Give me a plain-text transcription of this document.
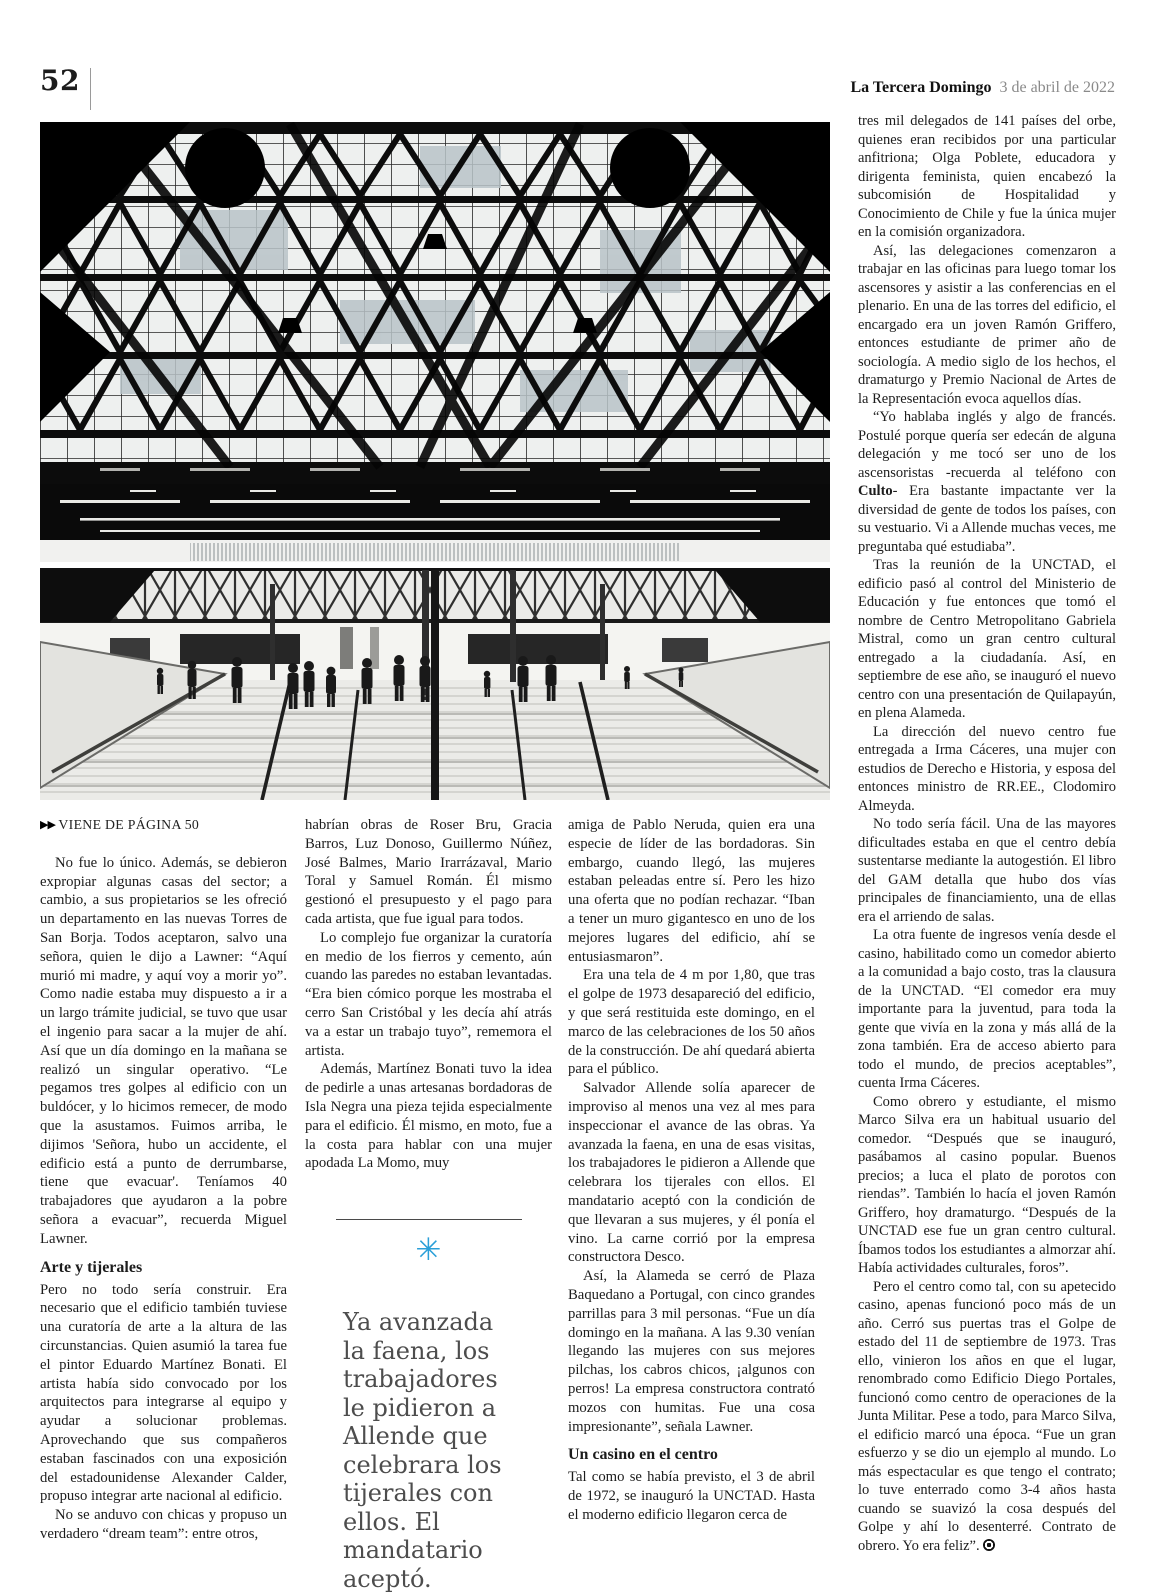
52	La Tercera Domingo 3 de abril de 2022
▶▶ VIENE DE PÁGINA 50

No fue lo único. Además, se debieron expropiar algunas casas del sector; a cambio, a sus propietarios se les ofreció un departamento en las nuevas Torres de San Borja. Todos aceptaron, salvo una señora, quien le dijo a Lawner: “Aquí murió mi madre, y aquí voy a morir yo”. Como nadie estaba muy dispuesto a ir a un largo trámite judicial, se tuvo que usar el ingenio para sacar a la mujer de ahí. Así que un día domingo en la mañana se realizó un singular operativo. “Le pegamos tres golpes al edificio con un buldócer, y lo hicimos remecer, de modo que la asustamos. Fuimos arriba, le dijimos 'Señora, hubo un accidente, el edificio está a punto de derrumbarse, tiene que evacuar'. Teníamos 40 trabajadores que ayudaron a la pobre señora a evacuar”, recuerda Miguel Lawner.

Arte y tijerales

Pero no todo sería construir. Era necesario que el edificio también tuviese una curatoría de arte a la altura de las circunstancias. Quien asumió la tarea fue el pintor Eduardo Martínez Bonati. El artista había sido convocado por los arquitectos para integrarse al equipo y ayudar a solucionar problemas. Aprovechando que sus compañeros estaban fascinados con una exposición del estadounidense Alexander Calder, propuso integrar arte nacional al edificio.

No se anduvo con chicas y propuso un verdadero “dream team”: entre otros,

habrían obras de Roser Bru, Gracia Barros, Luz Donoso, Guillermo Núñez, José Balmes, Mario Irarrázaval, Mario Toral y Samuel Román. Él mismo gestionó el presupuesto y el pago para cada artista, que fue igual para todos.

Lo complejo fue organizar la curatoría en medio de los fierros y cemento, aún cuando las paredes no estaban levantadas. “Era bien cómico porque les mostraba el cerro San Cristóbal y les decía ahí atrás va a estar un trabajo tuyo”, rememora el artista.

Además, Martínez Bonati tuvo la idea de pedirle a unas artesanas bordadoras de Isla Negra una pieza tejida especialmente para el edificio. Él mismo, en moto, fue a la costa para hablar con una mujer apodada La Momo, muy

✳

Ya avanzada la faena, los trabajadores le pidieron a Allende que celebrara los tijerales con ellos. El mandatario aceptó.

amiga de Pablo Neruda, quien era una especie de líder de las bordadoras. Sin embargo, cuando llegó, las mujeres estaban peleadas entre sí. Pero les hizo una oferta que no podían rechazar. “Iban a tener un muro gigantesco en uno de los mejores lugares del edificio, ahí se entusiasmaron”.

Era una tela de 4 m por 1,80, que tras el golpe de 1973 desapareció del edificio, y que será restituida este domingo, en el marco de las celebraciones de los 50 años de la construcción. De ahí quedará abierta para el público.

Salvador Allende solía aparecer de improviso al menos una vez al mes para inspeccionar el avance de las obras. Ya avanzada la faena, en una de esas visitas, los trabajadores le pidieron a Allende que celebrara los tijerales con ellos. El mandatario aceptó con la condición de que llevaran a sus mujeres, y él ponía el vino. La carne corrió por la empresa constructora Desco.

Así, la Alameda se cerró de Plaza Baquedano a Portugal, con cinco grandes parrillas para 3 mil personas. “Fue un día domingo en la mañana. A las 9.30 venían llegando las mujeres con sus mejores pilchas, los cabros chicos, ¡algunos con perros! La empresa constructora contrató mozos con humitas. Fue una cosa impresionante”, señala Lawner.

Un casino en el centro

Tal como se había previsto, el 3 de abril de 1972, se inauguró la UNCTAD. Hasta el moderno edificio llegaron cerca de

tres mil delegados de 141 países del orbe, quienes eran recibidos por una particular anfitriona; Olga Poblete, educadora y dirigenta feminista, quien encabezó la subcomisión de Hospitalidad y Conocimiento de Chile y fue la única mujer en la comisión organizadora.

Así, las delegaciones comenzaron a trabajar en las oficinas para luego tomar los ascensores y asistir a las conferencias en el plenario. En una de las torres del edificio, el encargado era un joven Ramón Griffero, entonces estudiante de primer año de sociología. A medio siglo de los hechos, el dramaturgo y Premio Nacional de Artes de la Representación evoca aquellos días.

“Yo hablaba inglés y algo de francés. Postulé porque quería ser edecán de alguna delegación y me tocó ser uno de los ascensoristas -recuerda al teléfono con Culto- Era bastante impactante ver la diversidad de gente de todos los países, con su vestuario. Vi a Allende muchas veces, me preguntaba qué estudiaba”.

Tras la reunión de la UNCTAD, el edificio pasó al control del Ministerio de Educación y fue entonces que tomó el nombre de Centro Metropolitano Gabriela Mistral, como un gran centro cultural entregado a la ciudadanía. Así, en septiembre de ese año, se inauguró el nuevo centro con una presentación de Quilapayún, en plena Alameda.

La dirección del nuevo centro fue entregada a Irma Cáceres, una mujer con estudios de Derecho e Historia, y esposa del entonces ministro de RR.EE., Clodomiro Almeyda.

No todo sería fácil. Una de las mayores dificultades estaba en que el centro debía sustentarse mediante la autogestión. El libro del GAM detalla que hubo dos vías principales de financiamiento, una de ellas era el arriendo de salas.

La otra fuente de ingresos venía desde el casino, habilitado como un comedor abierto a la comunidad a bajo costo, tras la clausura de la UNCTAD. “El comedor era muy importante para la juventud, para toda la gente que vivía en la zona y más allá de la zona también. Era de acceso abierto para todo el mundo, de precios aceptables”, cuenta Irma Cáceres.

Como obrero y estudiante, el mismo Marco Silva era un habitual usuario del comedor. “Después que se inauguró, pasábamos al casino popular. Buenos precios; a luca el plato de porotos con riendas”. También lo hacía el joven Ramón Griffero, hoy dramaturgo. “Después de la UNCTAD ese fue un gran centro cultural. Íbamos todos los estudiantes a almorzar ahí. Había actividades culturales, foros”.

Pero el centro como tal, con su apetecido casino, apenas funcionó poco más de un año. Cerró sus puertas tras el Golpe de estado del 11 de septiembre de 1973. Tras ello, vinieron los años en que el lugar, renombrado como Edificio Diego Portales, funcionó como centro de operaciones de la Junta Militar. Pese a todo, para Marco Silva, el edificio marcó una época. “Fue un gran esfuerzo y se dio un ejemplo al mundo. Lo más espectacular es que tengo el contrato; lo tuve enterrado como 3-4 años hasta cuando se suavizó la cosa después del Golpe y ahí lo desenterré. Contrato de obrero. Yo era feliz”.
